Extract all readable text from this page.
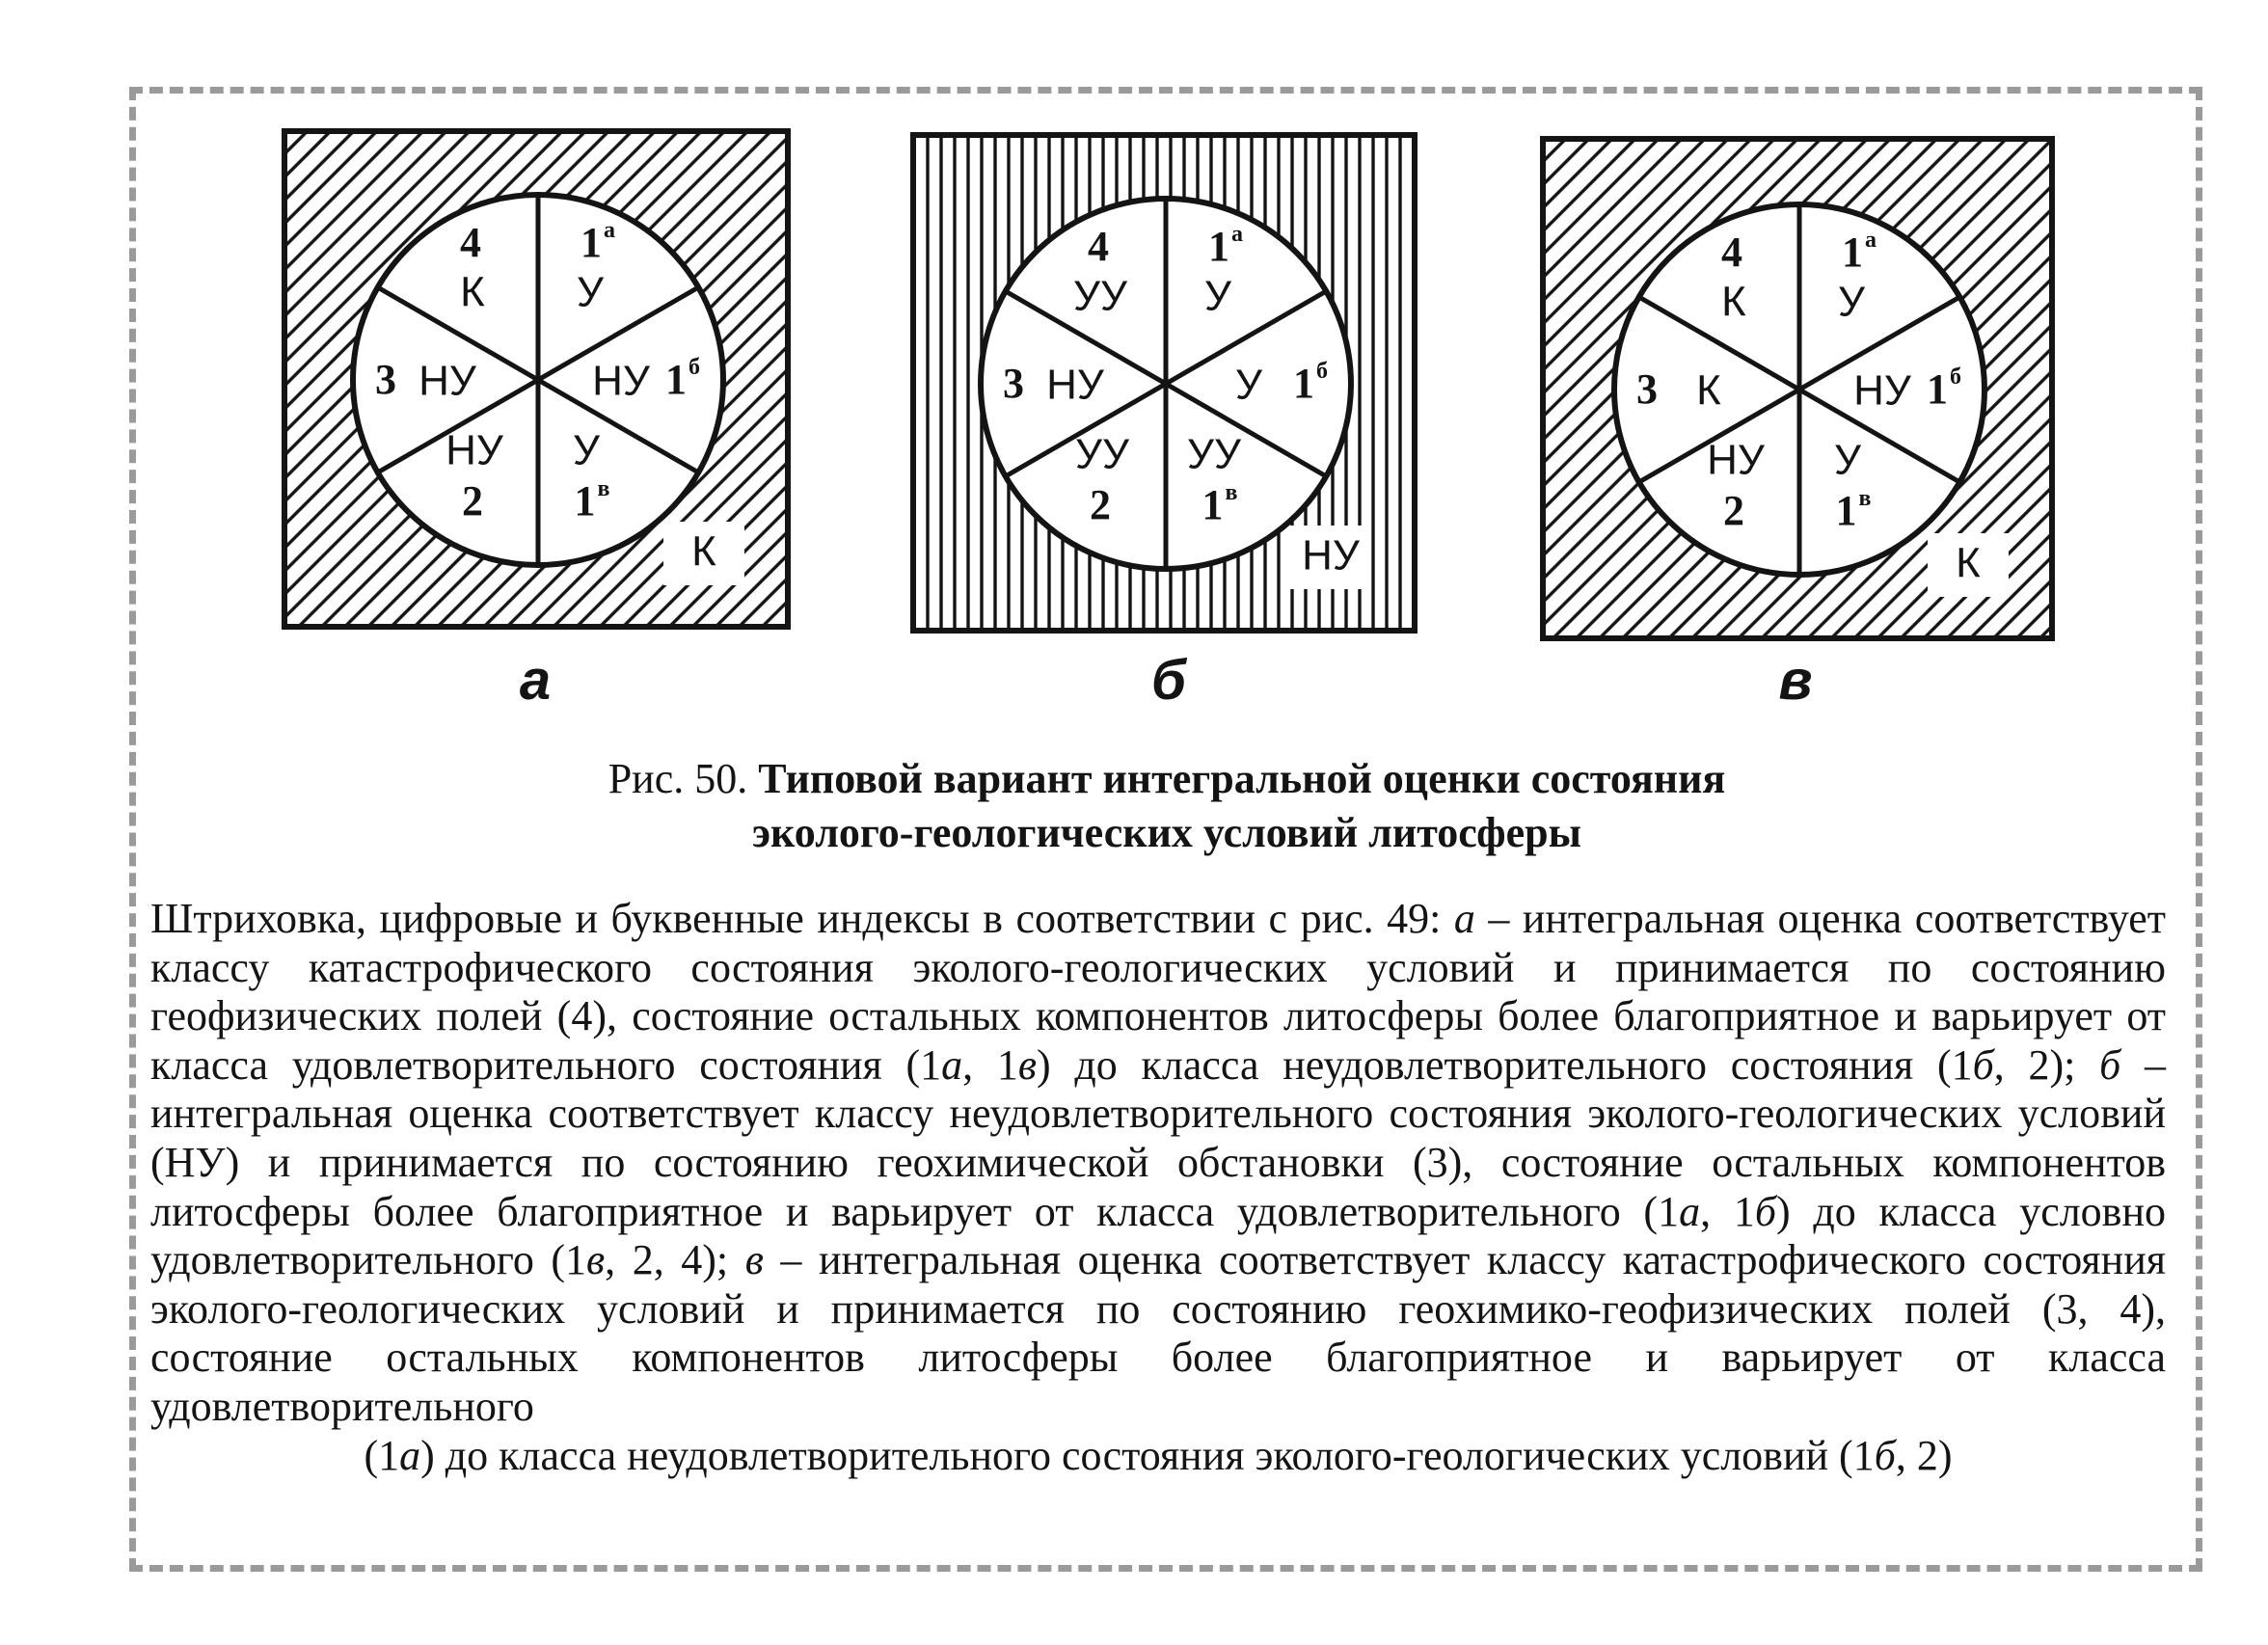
К
4
К
$1^а$
У
3 НУ	НУ $1^б$
НУ
2
У
$1^в$
НУ
4
УУ
$1^а$
У
3 НУ	У $1^б$
УУ
2
УУ
$1^в$
К
4
К
$1^а$
У
3 К	НУ $1^б$
НУ
2
У
$1^в$
а	б	в
Рис. 50. Типовой вариант интегральной оценки состояния
эколого-геологических условий литосферы

Штриховка, цифровые и буквенные индексы в соответствии с рис. 49: а – интегральная оценка соответствует классу катастрофического состояния эколого-геологических условий и принимается по состоянию геофизических полей (4), состояние остальных компонентов литосферы более благоприятное и варьирует от класса удовлетворительного состояния (1а, 1в) до класса неудовлетворительного состояния (1б, 2); б – интегральная оценка соответствует классу неудовлетворительного состояния эколого-геологических условий (НУ) и принимается по состоянию геохимической обстановки (3), состояние остальных компонентов литосферы более благоприятное и варьирует от класса удовлетворительного (1а, 1б) до класса условно удовлетворительного (1в, 2, 4); в – интегральная оценка соответствует классу катастрофического состояния эколого-геологических условий и принимается по состоянию геохимико-геофизических полей (3, 4), состояние остальных компонентов литосферы более благоприятное и варьирует от класса удовлетворительного

(1а) до класса неудовлетворительного состояния эколого-геологических условий (1б, 2)
